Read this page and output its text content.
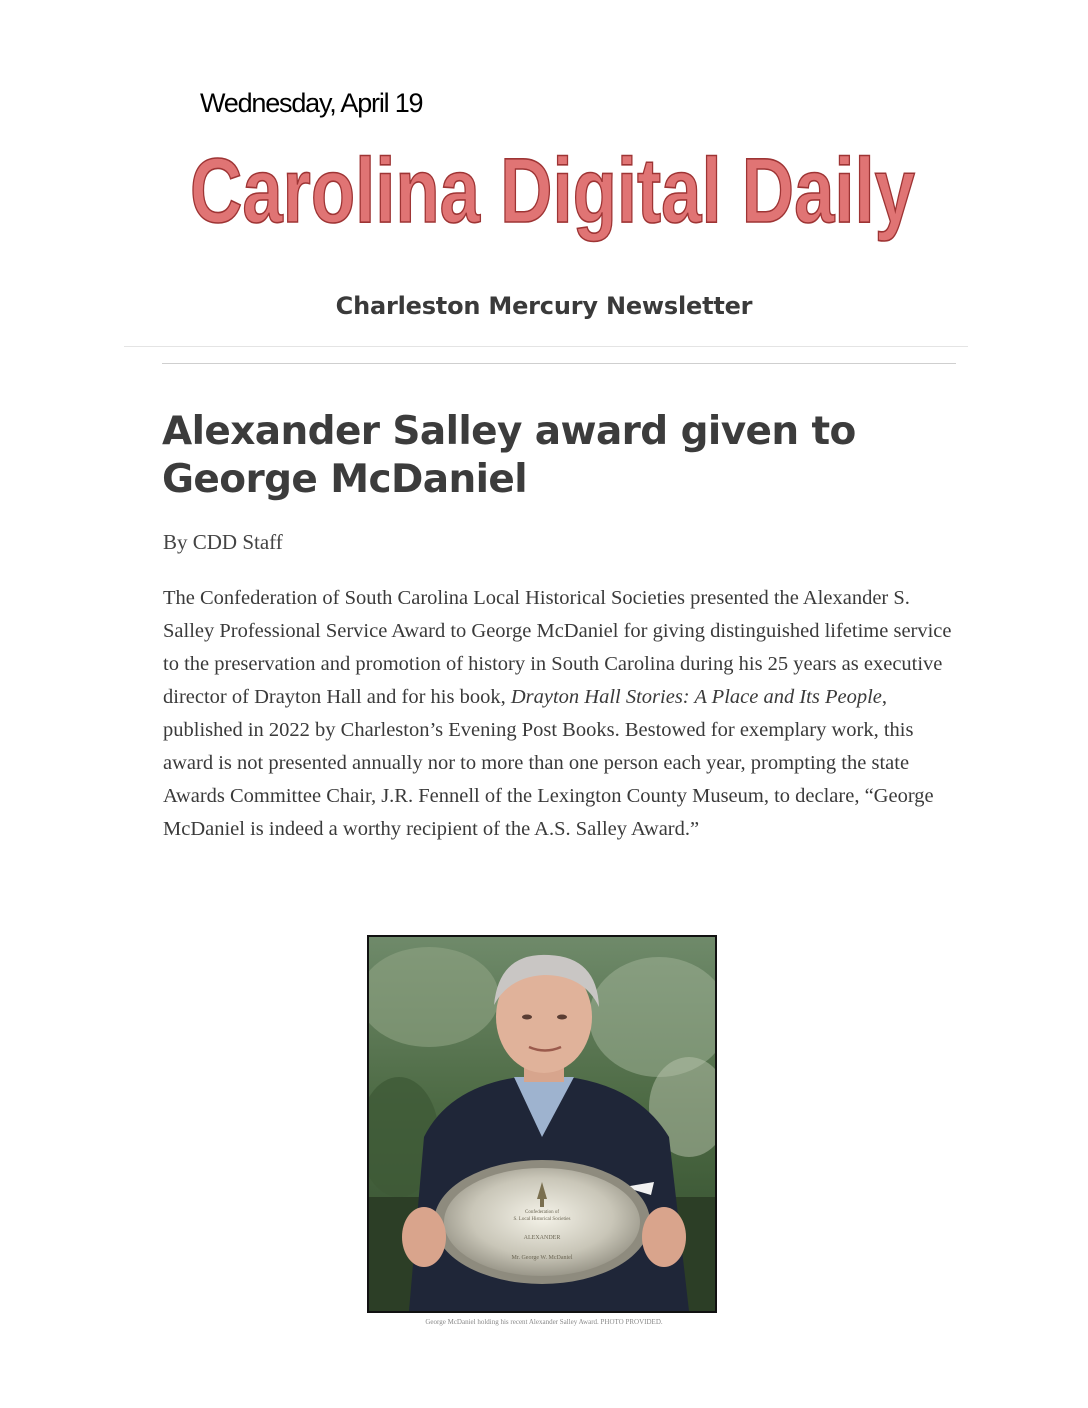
Wednesday, April 19
Carolina Digital Daily
Charleston Mercury Newsletter
Alexander Salley award given to George McDaniel
By CDD Staff

The Confederation of South Carolina Local Historical Societies presented the Alexander S. Salley Professional Service Award to George McDaniel for giving distinguished lifetime service to the preservation and promotion of history in South Carolina during his 25 years as executive director of Drayton Hall and for his book, Drayton Hall Stories: A Place and Its People, published in 2022 by Charleston’s Evening Post Books. Bestowed for exemplary work, this award is not presented annually nor to more than one person each year, prompting the state Awards Committee Chair, J.R. Fennell of the Lexington County Museum, to declare, “George McDaniel is indeed a worthy recipient of the A.S. Salley Award.”

Confederation of
S. Local Historical Societies
ALEXANDER
Mr. George W. McDaniel
George McDaniel holding his recent Alexander Salley Award. PHOTO PROVIDED.
